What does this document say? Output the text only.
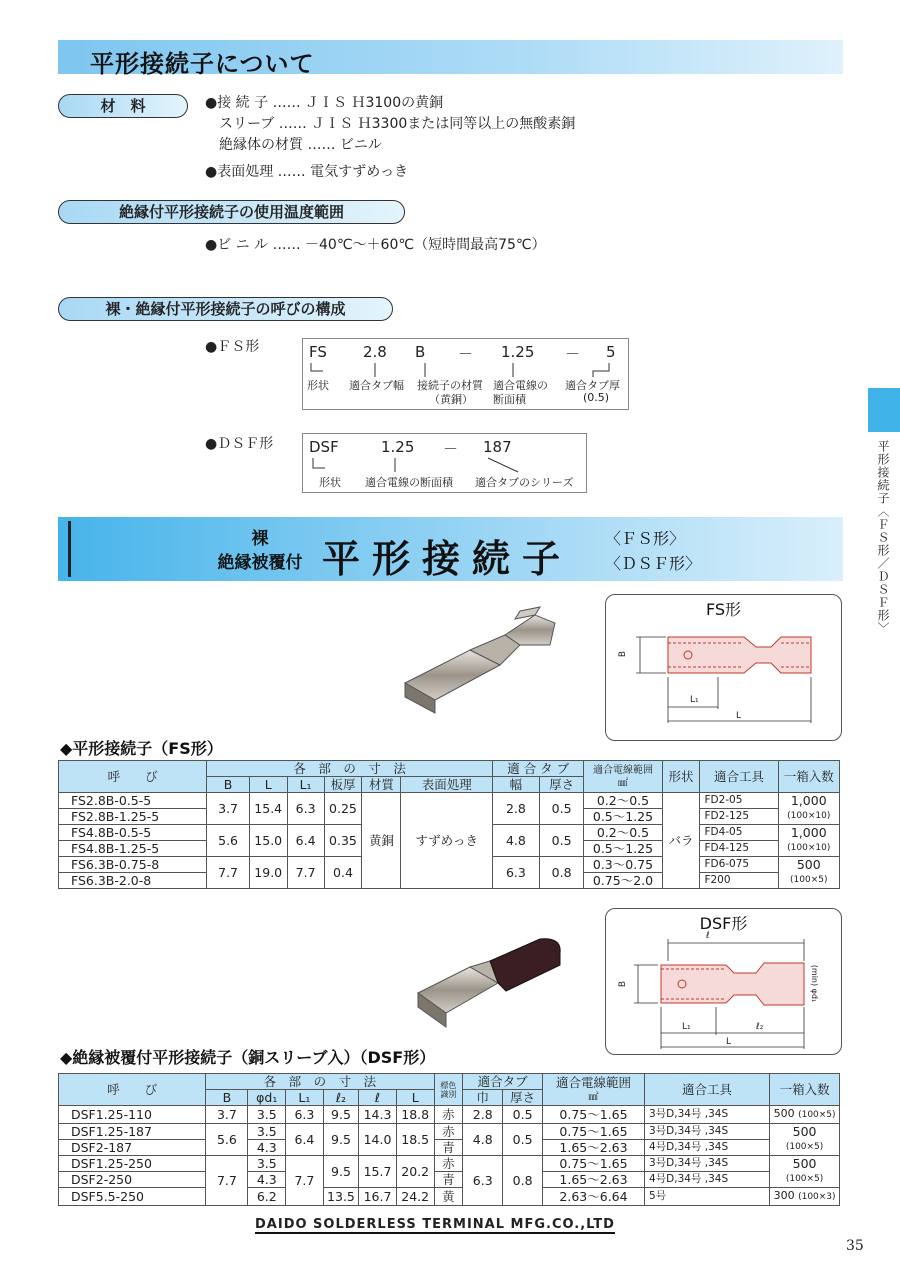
平形接続子について
材　料	●接 続 子 …… ＪＩＳ Ｈ3100の黄銅
スリーブ …… ＪＩＳ Ｈ3300または同等以上の無酸素銅
絶縁体の材質 …… ビニル
●表面処理 …… 電気すずめっき
絶縁付平形接続子の使用温度範囲
●ビ ニ ル …… －40℃～＋60℃（短時間最高75℃）
裸・絶縁付平形接続子の呼びの構成
●ＦＳ形	FS 2.8 B － 1.25 － 5
形状 適合タブ幅 接続子の材質
（黄銅）
適合電線の
断面積
適合タブ厚
(0.5)
●ＤＳＦ形 DSF	1.25 － 187
形状 適合電線の断面積 適合タブのシリーズ	平形接続子〈ＦＳ形／ＤＳＦ形〉
裸
絶縁被覆付 平形接続子 〈ＦＳ形〉
〈ＤＳＦ形〉
FS形
B
L₁
L
◆平形接続子（FS形）
呼　　び	各　部　の　寸　法						適 合 タ ブ		適合電線範囲
㎟	形状	適合工具	一箱入数
	B	L	L₁	板厚	材質	表面処理	幅	厚さ				
FS2.8B-0.5-5	3.7	15.4	6.3	0.25	黄銅	すずめっき	2.8	0.5	0.2～0.5	バラ	FD2-05	1,000
(100×10)
FS2.8B-1.25-5									0.5～1.25		FD2-125	
FS4.8B-0.5-5	5.6	15.0	6.4	0.35			4.8	0.5	0.2～0.5		FD4-05	1,000
(100×10)
FS4.8B-1.25-5									0.5～1.25		FD4-125	
FS6.3B-0.75-8	7.7	19.0	7.7	0.4			6.3	0.8	0.3～0.75		FD6-075	500
(100×5)
FS6.3B-2.0-8									0.75～2.0		F200	
DSF形
ℓ
B
L₁	ℓ₂
L
(min) φd₁
◆絶縁被覆付平形接続子（銅スリーブ入）（DSF形）
呼　　び	各　部　の　寸　法						標色
識別	適合タブ		適合電線範囲
㎟	適合工具	一箱入数
	B	φd₁	L₁	ℓ₂	ℓ	L		巾	厚さ			
DSF1.25-110	3.7	3.5	6.3	9.5	14.3	18.8	赤	2.8	0.5	0.75～1.65	3号D,34号 ,34S	500 (100×5)
DSF1.25-187	5.6	3.5	6.4	9.5	14.0	18.5	赤	4.8	0.5	0.75～1.65	3号D,34号 ,34S	500
(100×5)
DSF2-187		4.3					青			1.65～2.63	4号D,34号 ,34S	
DSF1.25-250	7.7	3.5	7.7	9.5	15.7	20.2	赤	6.3	0.8	0.75～1.65	3号D,34号 ,34S	500
(100×5)
DSF2-250		4.3					青			1.65～2.63	4号D,34号 ,34S	
DSF5.5-250		6.2		13.5	16.7	24.2	黄			2.63～6.64	5号	300 (100×3)
DAIDO SOLDERLESS TERMINAL MFG.CO.,LTD
35
